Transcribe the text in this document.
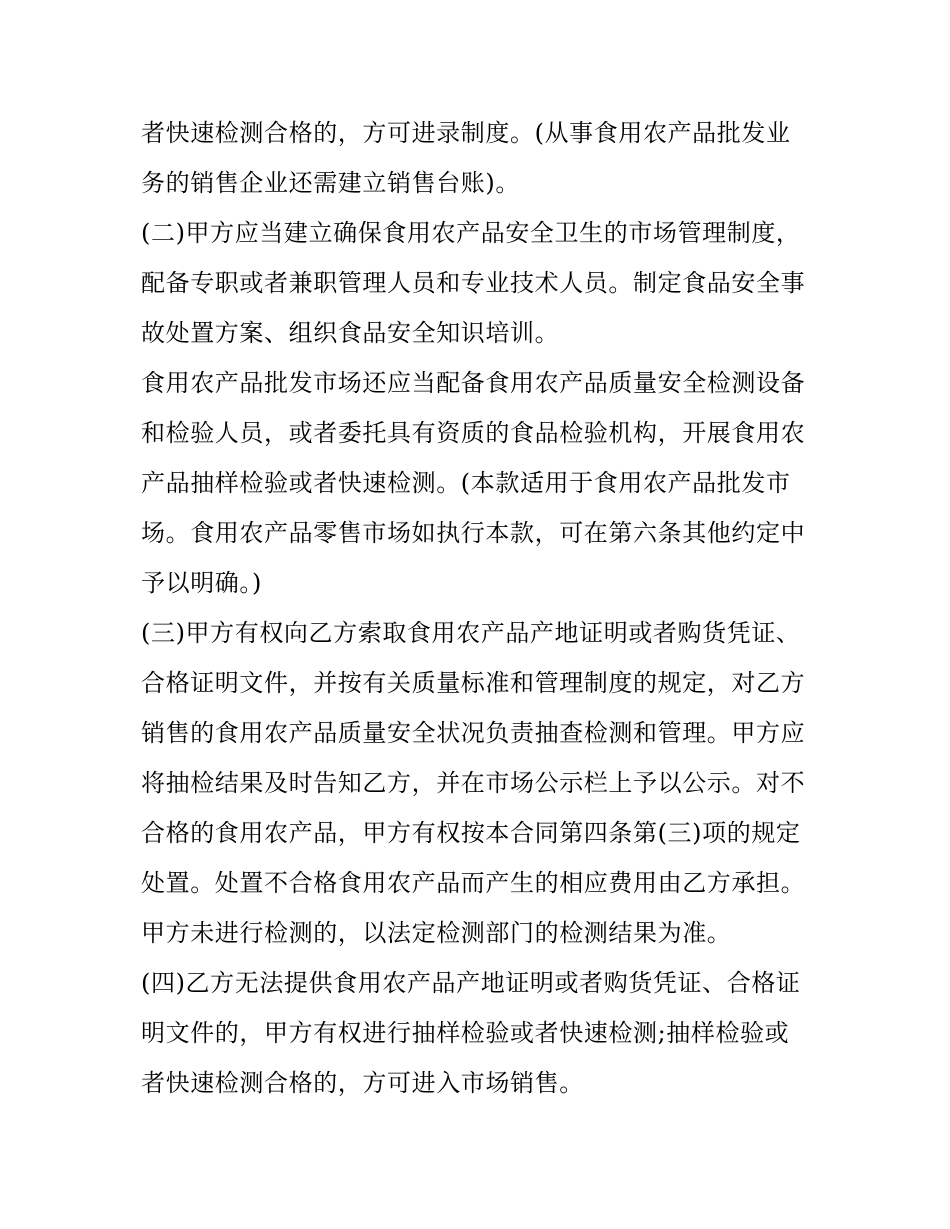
者快速检测合格的，方可进录制度。(从事食用农产品批发业
务的销售企业还需建立销售台账)。
(二)甲方应当建立确保食用农产品安全卫生的市场管理制度，
配备专职或者兼职管理人员和专业技术人员。制定食品安全事
故处置方案、组织食品安全知识培训。
食用农产品批发市场还应当配备食用农产品质量安全检测设备
和检验人员，或者委托具有资质的食品检验机构，开展食用农
产品抽样检验或者快速检测。(本款适用于食用农产品批发市
场。食用农产品零售市场如执行本款，可在第六条其他约定中
予以明确。)
(三)甲方有权向乙方索取食用农产品产地证明或者购货凭证、
合格证明文件，并按有关质量标准和管理制度的规定，对乙方
销售的食用农产品质量安全状况负责抽查检测和管理。甲方应
将抽检结果及时告知乙方，并在市场公示栏上予以公示。对不
合格的食用农产品，甲方有权按本合同第四条第(三)项的规定
处置。处置不合格食用农产品而产生的相应费用由乙方承担。
甲方未进行检测的，以法定检测部门的检测结果为准。
(四)乙方无法提供食用农产品产地证明或者购货凭证、合格证
明文件的，甲方有权进行抽样检验或者快速检测;抽样检验或
者快速检测合格的，方可进入市场销售。
